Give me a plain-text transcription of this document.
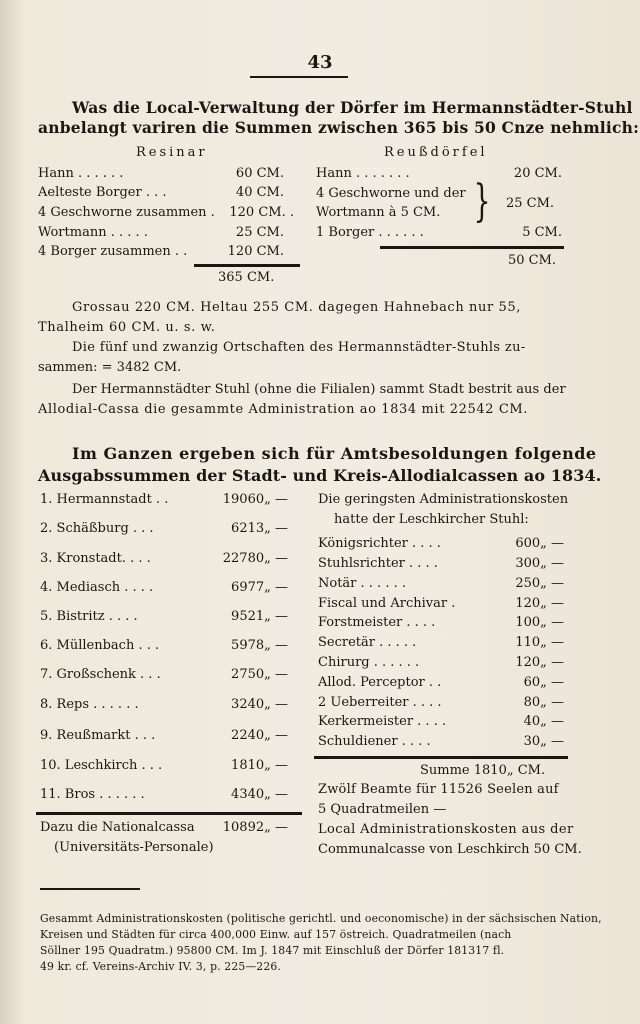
43
Was die Local-Verwaltung der Dörfer im Hermannstädter-Stuhl
anbelangt variren die Summen zwischen 365 bis 50 Cnze nehmlich:
Resinar
Hann . . . . . .	60 CM.
Aelteste Borger . . .	40 CM.
4 Geschworne zusammen . 120 CM. .
Wortmann . . . . .	25 CM.
4 Borger zusammen . .	120 CM.
365 CM.
Reußdörfel
Hann . . . . . . .	20 CM.
4 Geschworne und der
Wortmann à 5 CM. } 25 CM.
1 Borger . . . . . .	5 CM.
50 CM.
Grossau 220 CM. Heltau 255 CM. dagegen Hahnebach nur 55,
Thalheim 60 CM. u. s. w.
Die fünf und zwanzig Ortschaften des Hermannstädter-Stuhls zu-
sammen: = 3482 CM.
Der Hermannstädter Stuhl (ohne die Filialen) sammt Stadt bestrit aus der
Allodial-Cassa die gesammte Administration ao 1834 mit 22542 CM.
Im Ganzen ergeben sich für Amtsbesoldungen folgende
Ausgabssummen der Stadt- und Kreis-Allodialcassen ao 1834.
1. Hermannstadt . .	19060„ —
2. Schäßburg . . .	6213„ —
3. Kronstadt. . . .	22780„ —
4. Mediasch . . . .	6977„ —
5. Bistritz . . . .	9521„ —
6. Müllenbach . . .	5978„ —
7. Großschenk . . .	2750„ —
8. Reps . . . . . .	3240„ —
9. Reußmarkt . . .	2240„ —
10. Leschkirch . . .	1810„ —
11. Bros . . . . . .	4340„ —
Dazu die Nationalcassa 10892„ —
(Universitäts-Personale)
Die geringsten Administrationskosten
hatte der Leschkircher Stuhl:
Königsrichter . . . .	600„ —
Stuhlsrichter . . . .	300„ —
Notär . . . . . .	250„ —
Fiscal und Archivar .	120„ —
Forstmeister . . . .	100„ —
Secretär . . . . .	110„ —
Chirurg . . . . . .	120„ —
Allod. Perceptor . .	60„ —
2 Ueberreiter . . . .	80„ —
Kerkermeister . . . .	40„ —
Schuldiener . . . .	30„ —
Summe 1810„ CM.
Zwölf Beamte für 11526 Seelen auf
5 Quadratmeilen —
Local Administrationskosten aus der
Communalcasse von Leschkirch 50 CM.
Gesammt Administrationskosten (politische gerichtl. und oeconomische) in der sächsischen Nation,
Kreisen und Städten für circa 400,000 Einw. auf 157 östreich. Quadratmeilen (nach
Söllner 195 Quadratm.) 95800 CM. Im J. 1847 mit Einschluß der Dörfer 181317 fl.
49 kr. cf. Vereins-Archiv IV. 3, p. 225—226.
